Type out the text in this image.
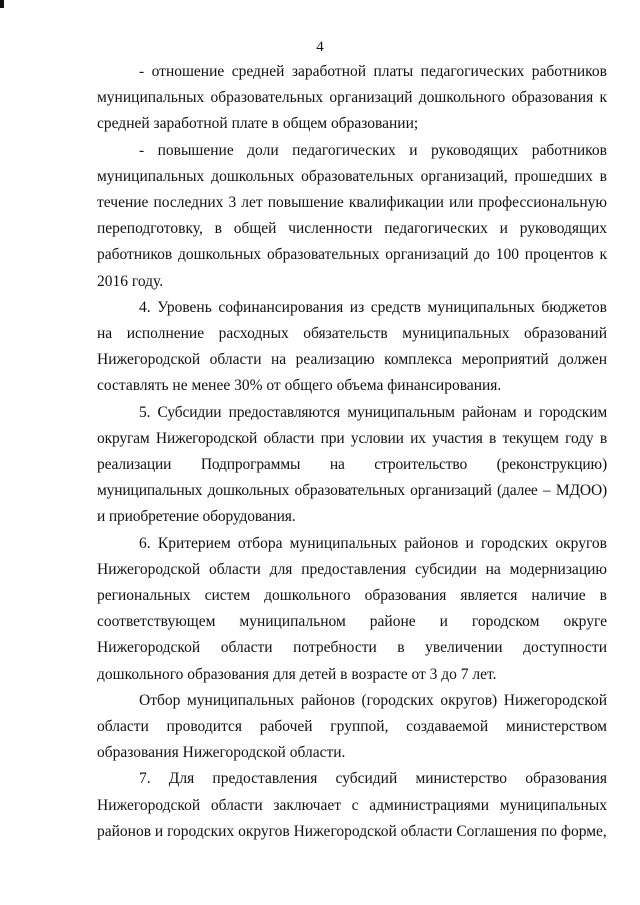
4

- отношение средней заработной платы педагогических работников муниципальных образовательных организаций дошкольного образования к средней заработной плате в общем образовании;

- повышение доли педагогических и руководящих работников муниципальных дошкольных образовательных организаций, прошедших в течение последних 3 лет повышение квалификации или профессиональную переподготовку, в общей численности педагогических и руководящих работников дошкольных образовательных организаций до 100 процентов к 2016 году.

4. Уровень софинансирования из средств муниципальных бюджетов на исполнение расходных обязательств муниципальных образований Нижегородской области на реализацию комплекса мероприятий должен составлять не менее 30% от общего объема финансирования.

5. Субсидии предоставляются муниципальным районам и городским округам Нижегородской области при условии их участия в текущем году в реализации Подпрограммы на строительство (реконструкцию) муниципальных дошкольных образовательных организаций (далее – МДОО) и приобретение оборудования.

6. Критерием отбора муниципальных районов и городских округов Нижегородской области для предоставления субсидии на модернизацию региональных систем дошкольного образования является наличие в соответствующем муниципальном районе и городском округе Нижегородской области потребности в увеличении доступности дошкольного образования для детей в возрасте от 3 до 7 лет.

Отбор муниципальных районов (городских округов) Нижегородской области проводится рабочей группой, создаваемой министерством образования Нижегородской области.

7. Для предоставления субсидий министерство образования Нижегородской области заключает с администрациями муниципальных районов и городских округов Нижегородской области Соглашения по форме,
